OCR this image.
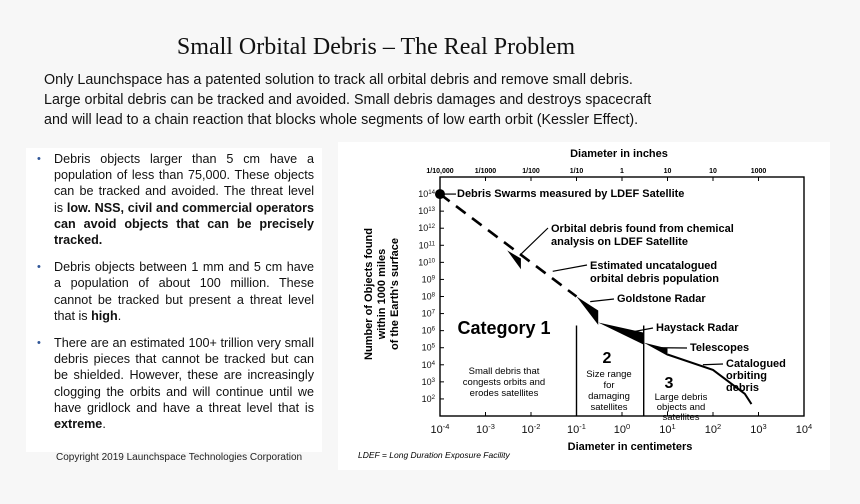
Small Orbital Debris – The Real Problem
Only Launchspace has a patented solution to track all orbital debris and remove small debris.
Large orbital debris can be tracked and avoided. Small debris damages and destroys spacecraft
and will lead to a chain reaction that blocks whole segments of low earth orbit (Kessler Effect).
• Debris objects larger than 5 cm have a population of less than 75,000. These objects can be tracked and avoided. The threat level is low. NSS, civil and commercial operators can avoid objects that can be precisely tracked.
• Debris objects between 1 mm and 5 cm have a population of about 100 million. These cannot be tracked but present a threat level that is high.
• There are an estimated 100+ trillion very small debris pieces that cannot be tracked but can be shielded. However, these are increasingly clogging the orbits and will continue until we have gridlock and have a threat level that is extreme.
Copyright 2019 Launchspace Technologies Corporation
Diameter in inches
1/10,000	1/1000	1/100	1/10	1	10	10	1000
$10^{-4}$ $10^{-3}$ $10^{-2}$ $10^{-1}$	$10^0$	$10^1$	$10^2$	$10^3$	$10^4$
Diameter in centimeters
$10^2$
$10^3$
$10^4$
$10^5$
$10^6$
$10^7$
$10^8$
$10^9$
$10^{10}$
$10^{11}$
$10^{12}$
$10^{13}$
$10^{14}$
Number of Objects found within 1000 miles of the Earth's surface
Debris Swarms measured by LDEF Satellite
Orbital debris found from chemical
analysis on LDEF Satellite
Estimated uncatalogued
orbital debris population
Goldstone Radar
Haystack Radar
Telescopes
Catalogued
orbiting
debris
Category 1
Small debris that
congests orbits and
erodes satellites
2
Size range
for
damaging
satellites
3
Large debris
objects and
satellites
LDEF = Long Duration Exposure Facility
